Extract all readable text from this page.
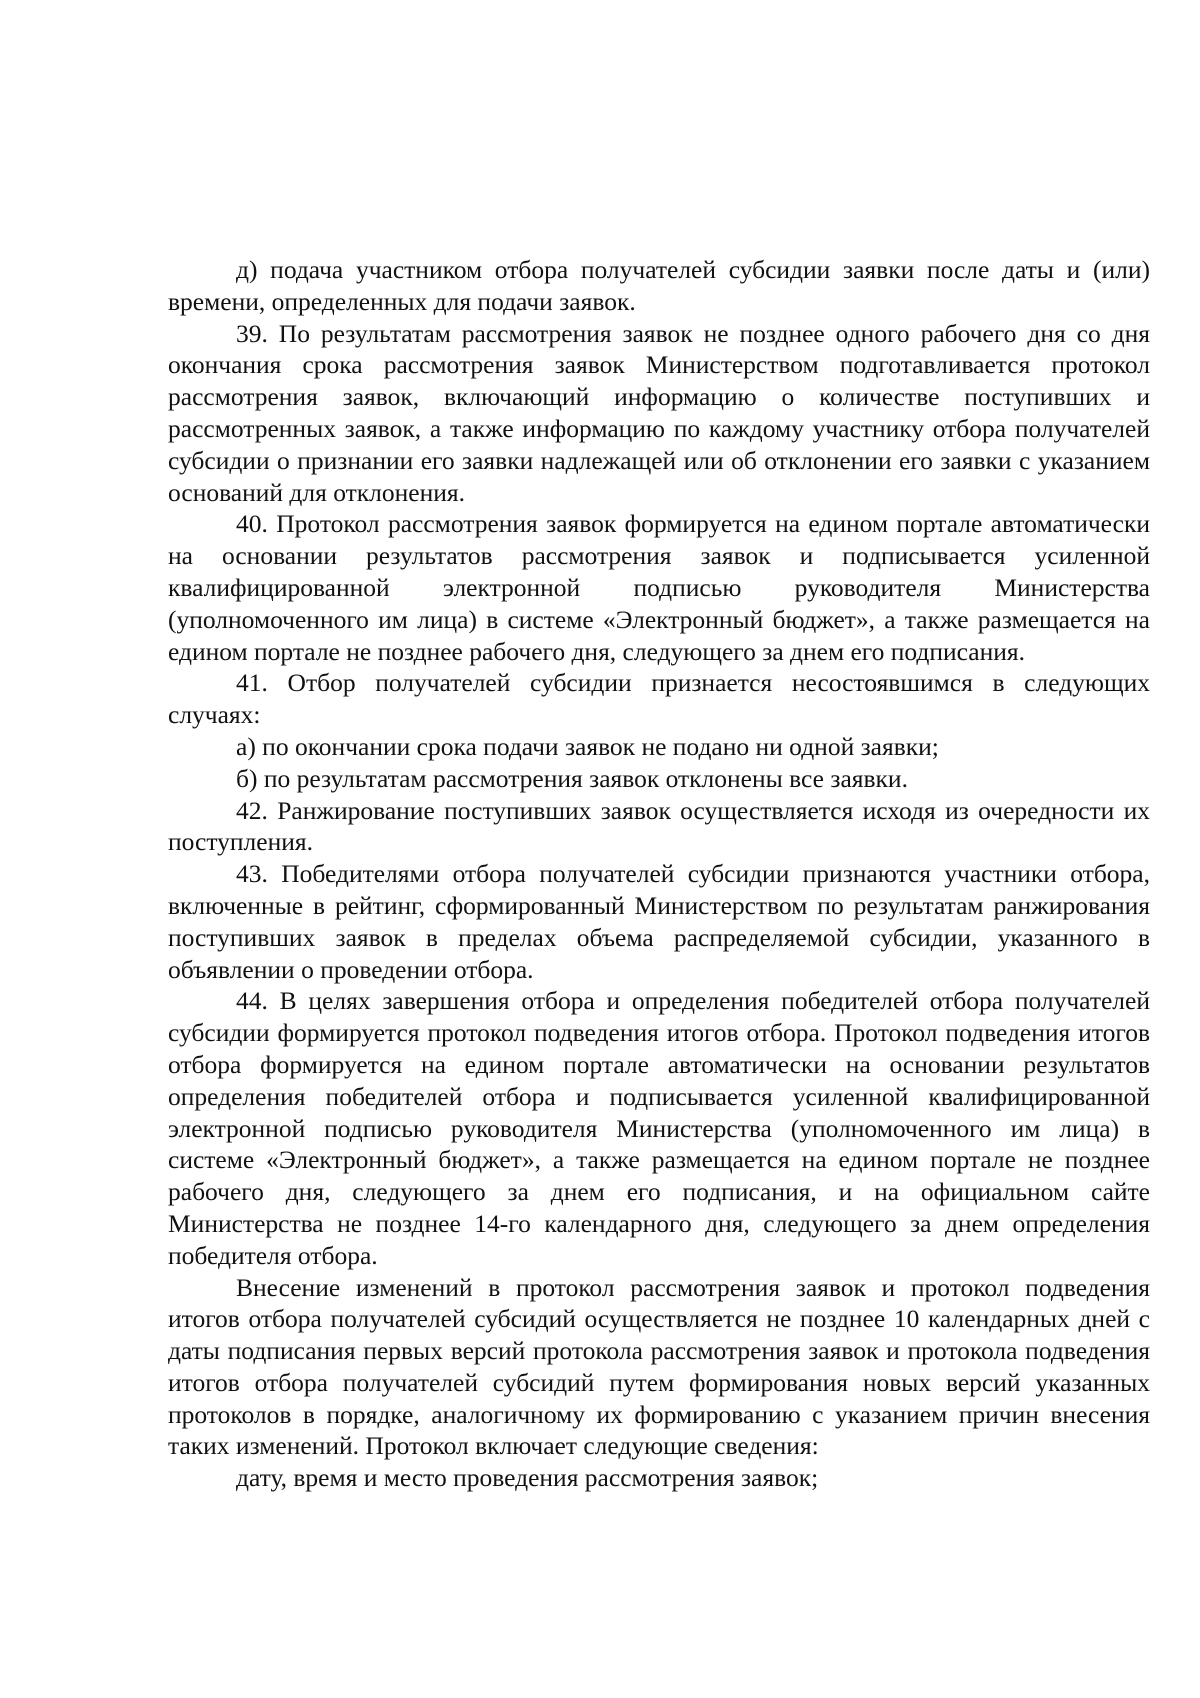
д) подача участником отбора получателей субсидии заявки после даты и (или) времени, определенных для подачи заявок.

39. По результатам рассмотрения заявок не позднее одного рабочего дня со дня окончания срока рассмотрения заявок Министерством подготавливается протокол рассмотрения заявок, включающий информацию о количестве поступивших и рассмотренных заявок, а также информацию по каждому участнику отбора получателей субсидии о признании его заявки надлежащей или об отклонении его заявки с указанием оснований для отклонения.

40. Протокол рассмотрения заявок формируется на едином портале автоматически на основании результатов рассмотрения заявок и подписывается усиленной квалифицированной электронной подписью руководителя Министерства (уполномоченного им лица) в системе «Электронный бюджет», а также размещается на едином портале не позднее рабочего дня, следующего за днем его подписания.

41. Отбор получателей субсидии признается несостоявшимся в следующих случаях:

а) по окончании срока подачи заявок не подано ни одной заявки;

б) по результатам рассмотрения заявок отклонены все заявки.

42. Ранжирование поступивших заявок осуществляется исходя из очередности их поступления.

43. Победителями отбора получателей субсидии признаются участники отбора, включенные в рейтинг, сформированный Министерством по результатам ранжирования поступивших заявок в пределах объема распределяемой субсидии, указанного в объявлении о проведении отбора.

44. В целях завершения отбора и определения победителей отбора получателей субсидии формируется протокол подведения итогов отбора. Протокол подведения итогов отбора формируется на едином портале автоматически на основании результатов определения победителей отбора и подписывается усиленной квалифицированной электронной подписью руководителя Министерства (уполномоченного им лица) в системе «Электронный бюджет», а также размещается на едином портале не позднее рабочего дня, следующего за днем его подписания, и на официальном сайте Министерства не позднее 14-го календарного дня, следующего за днем определения победителя отбора.

Внесение изменений в протокол рассмотрения заявок и протокол подведения итогов отбора получателей субсидий осуществляется не позднее 10 календарных дней с даты подписания первых версий протокола рассмотрения заявок и протокола подведения итогов отбора получателей субсидий путем формирования новых версий указанных протоколов в порядке, аналогичному их формированию с указанием причин внесения таких изменений. Протокол включает следующие сведения:

дату, время и место проведения рассмотрения заявок;
